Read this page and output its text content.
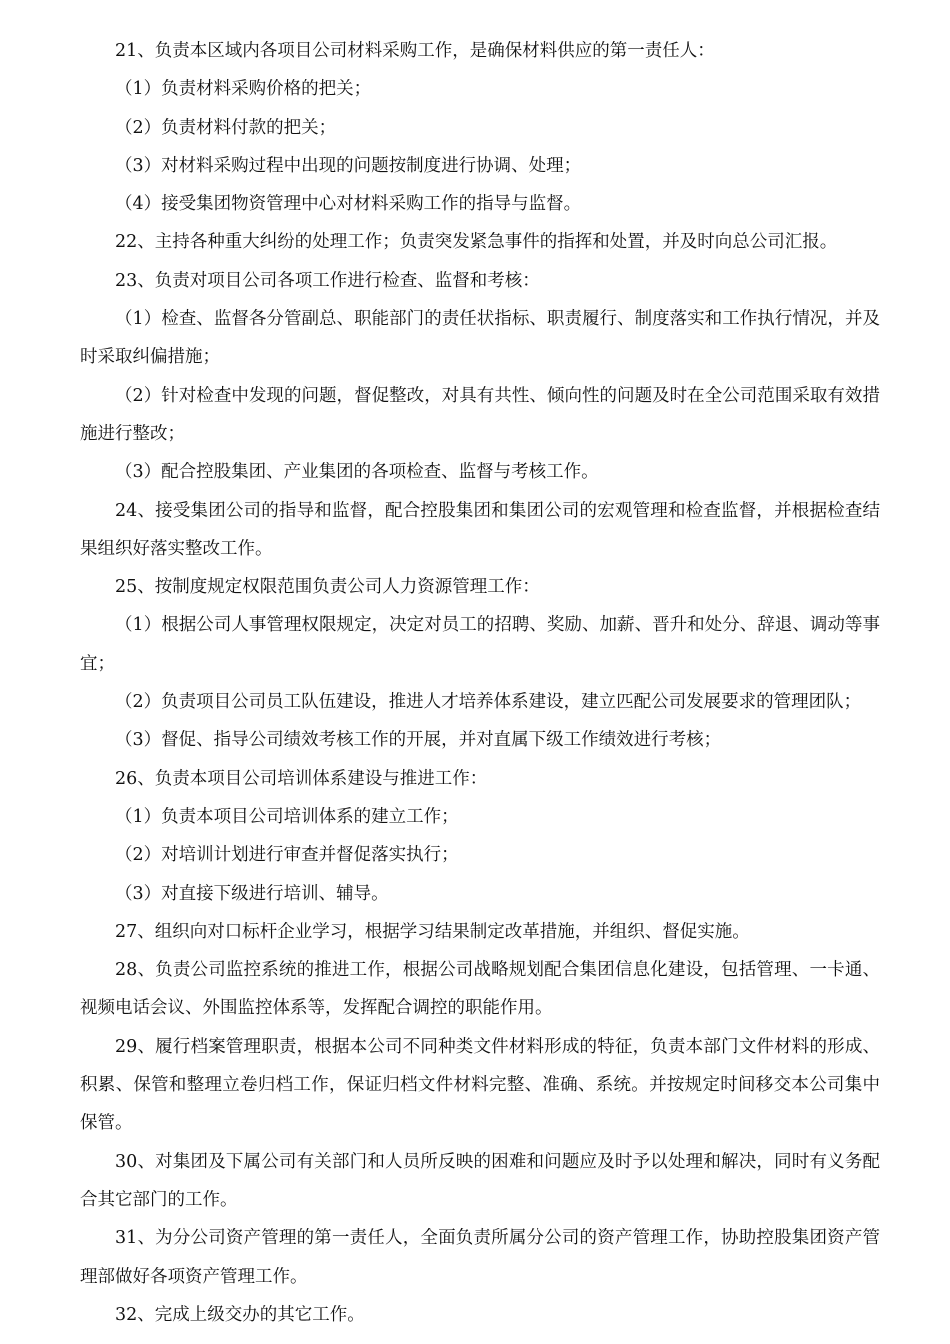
21、负责本区域内各项目公司材料采购工作，是确保材料供应的第一责任人：

（1）负责材料采购价格的把关；

（2）负责材料付款的把关；

（3）对材料采购过程中出现的问题按制度进行协调、处理；

（4）接受集团物资管理中心对材料采购工作的指导与监督。

22、主持各种重大纠纷的处理工作；负责突发紧急事件的指挥和处置，并及时向总公司汇报。

23、负责对项目公司各项工作进行检查、监督和考核：

（1）检查、监督各分管副总、职能部门的责任状指标、职责履行、制度落实和工作执行情况，并及时采取纠偏措施；

（2）针对检查中发现的问题，督促整改，对具有共性、倾向性的问题及时在全公司范围采取有效措施进行整改；

（3）配合控股集团、产业集团的各项检查、监督与考核工作。

24、接受集团公司的指导和监督，配合控股集团和集团公司的宏观管理和检查监督，并根据检查结果组织好落实整改工作。

25、按制度规定权限范围负责公司人力资源管理工作：

（1）根据公司人事管理权限规定，决定对员工的招聘、奖励、加薪、晋升和处分、辞退、调动等事宜；

（2）负责项目公司员工队伍建设，推进人才培养体系建设，建立匹配公司发展要求的管理团队；

（3）督促、指导公司绩效考核工作的开展，并对直属下级工作绩效进行考核；

26、负责本项目公司培训体系建设与推进工作：

（1）负责本项目公司培训体系的建立工作；

（2）对培训计划进行审查并督促落实执行；

（3）对直接下级进行培训、辅导。

27、组织向对口标杆企业学习，根据学习结果制定改革措施，并组织、督促实施。

28、负责公司监控系统的推进工作，根据公司战略规划配合集团信息化建设，包括管理、一卡通、视频电话会议、外围监控体系等，发挥配合调控的职能作用。

29、履行档案管理职责，根据本公司不同种类文件材料形成的特征，负责本部门文件材料的形成、积累、保管和整理立卷归档工作，保证归档文件材料完整、准确、系统。并按规定时间移交本公司集中保管。

30、对集团及下属公司有关部门和人员所反映的困难和问题应及时予以处理和解决，同时有义务配合其它部门的工作。

31、为分公司资产管理的第一责任人，全面负责所属分公司的资产管理工作，协助控股集团资产管理部做好各项资产管理工作。

32、完成上级交办的其它工作。
